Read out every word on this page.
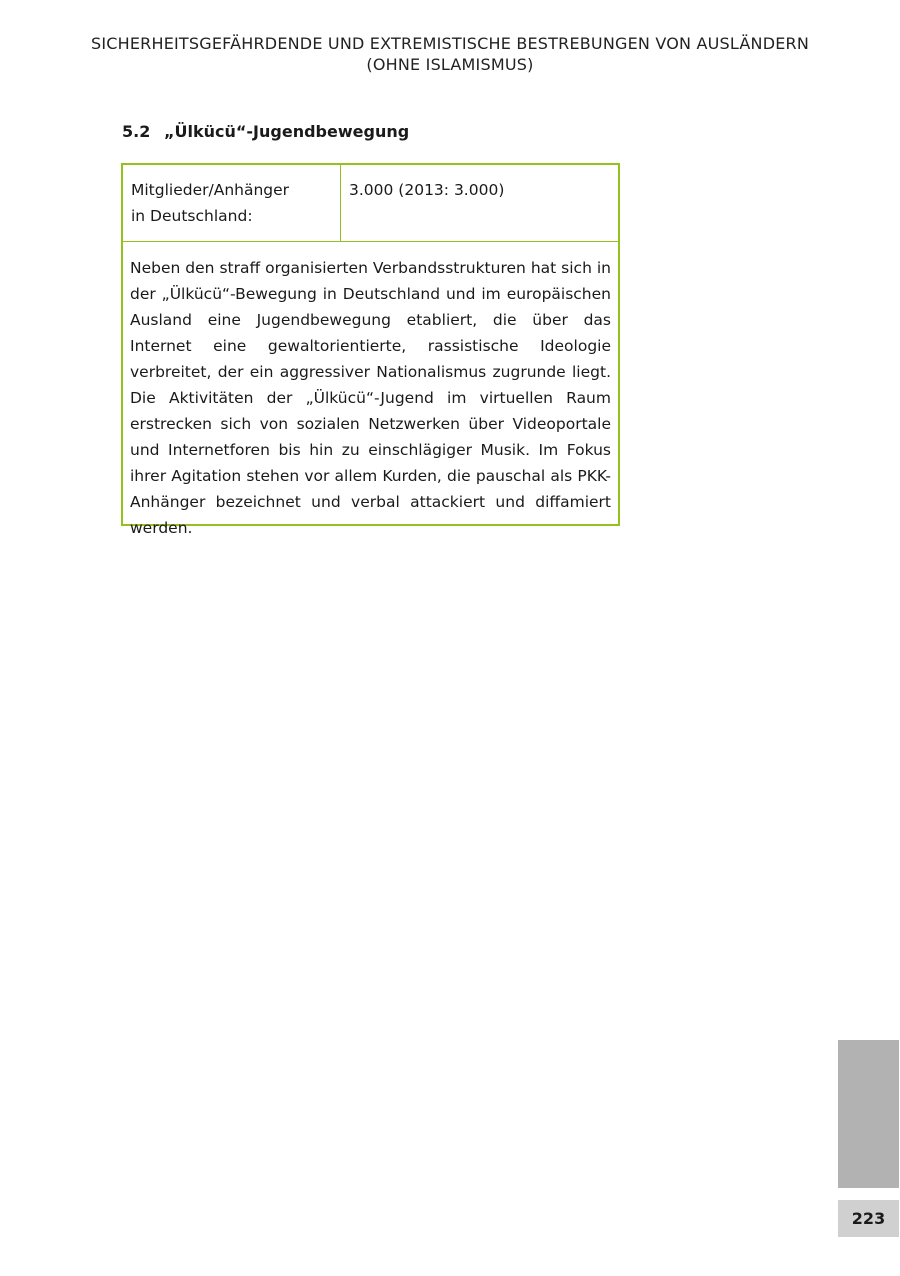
SICHERHEITSGEFÄHRDENDE UND EXTREMISTISCHE BESTREBUNGEN VON AUSLÄNDERN
(OHNE ISLAMISMUS)
5.2 „Ülkücü“-Jugendbewegung
Mitglieder/Anhänger
in Deutschland:
3.000 (2013: 3.000)
Neben den straff organisierten Verbandsstrukturen hat sich in der „Ülkücü“-Bewegung in Deutschland und im europäischen Ausland eine Jugendbewegung etabliert, die über das Internet eine gewaltorientierte, rassistische Ideologie verbreitet, der ein aggressiver Nationalismus zugrunde liegt. Die Aktivitäten der „Ülkücü“-Jugend im virtuellen Raum erstrecken sich von sozialen Netzwerken über Videoportale und Internetforen bis hin zu einschlägiger Musik. Im Fokus ihrer Agitation stehen vor allem Kurden, die pauschal als PKK-Anhänger bezeichnet und verbal attackiert und diffamiert werden.
223
